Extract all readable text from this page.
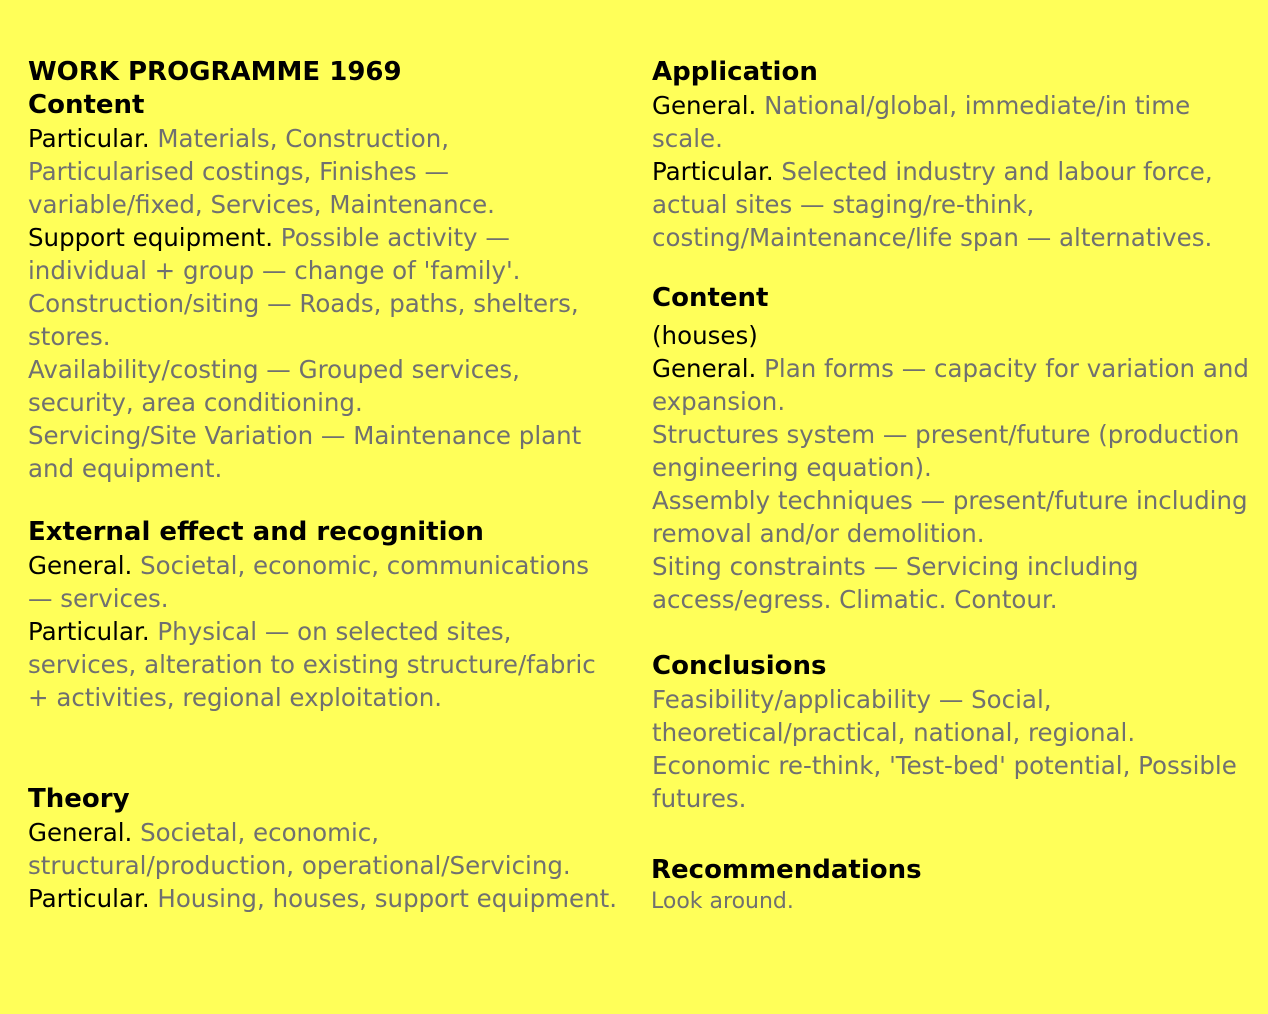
WORK PROGRAMME 1969
Content

Particular. Materials, Construction, Particularised costings, Finishes — variable/fixed, Services, Maintenance.

Support equipment. Possible activity — individual + group — change of 'family'.

Construction/siting — Roads, paths, shelters, stores.

Availability/costing — Grouped services, security, area conditioning.

Servicing/Site Variation — Maintenance plant and equipment.

External effect and recognition

General. Societal, economic, communications — services.

Particular. Physical — on selected sites, services, alteration to existing structure/fabric + activities, regional exploitation.

Theory

General. Societal, economic, structural/production, operational/Servicing.

Particular. Housing, houses, support equipment.

Application

General. National/global, immediate/in time scale.

Particular. Selected industry and labour force, actual sites — staging/re-think, costing/Maintenance/life span — alternatives.

Content
(houses)

General. Plan forms — capacity for variation and expansion.

Structures system — present/future (production engineering equation).

Assembly techniques — present/future including removal and/or demolition.

Siting constraints — Servicing including access/egress. Climatic. Contour.

Conclusions

Feasibility/applicability — Social, theoretical/practical, national, regional.

Economic re-think, 'Test-bed' potential, Possible futures.

Recommendations
Look around.
